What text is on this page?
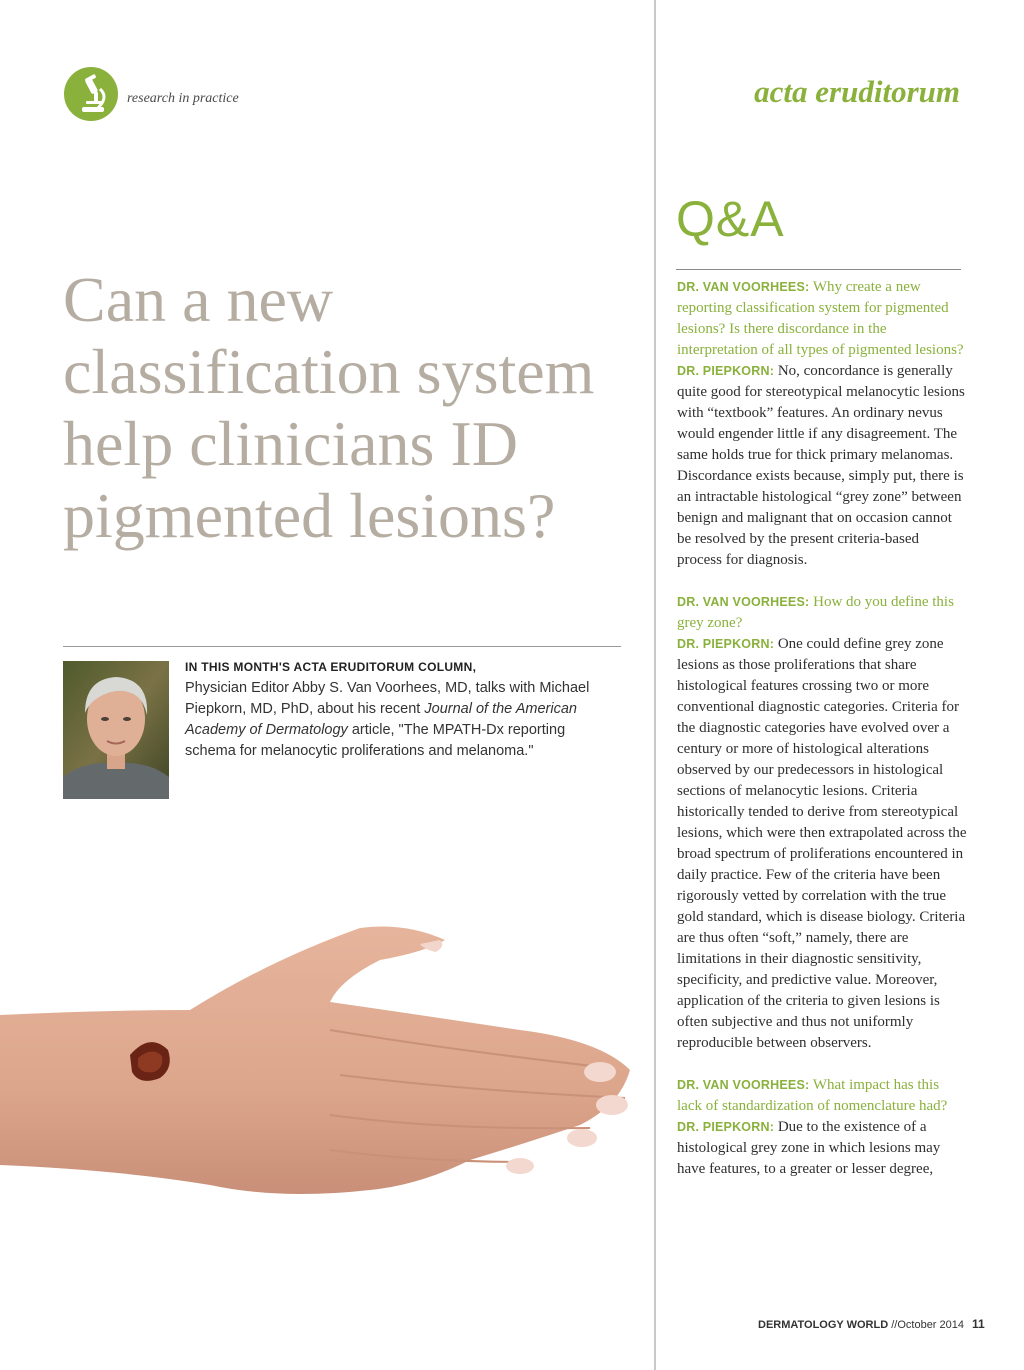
research in practice	acta eruditorum
Can a new classification system help clinicians ID pigmented lesions?
IN THIS MONTH'S ACTA ERUDITORUM COLUMN,
Physician Editor Abby S. Van Voorhees, MD, talks with Michael Piepkorn, MD, PhD, about his recent Journal of the American Academy of Dermatology article, "The MPATH-Dx reporting schema for melanocytic proliferations and melanoma."
Q&A
DR. VAN VOORHEES: Why create a new reporting classification system for pigmented lesions? Is there discordance in the interpretation of all types of pigmented lesions?
DR. PIEPKORN: No, concordance is generally quite good for stereotypical melanocytic lesions with “textbook” features. An ordinary nevus would engender little if any disagreement. The same holds true for thick primary melanomas. Discordance exists because, simply put, there is an intractable histological “grey zone” between benign and malignant that on occasion cannot be resolved by the present criteria-based process for diagnosis.
DR. VAN VOORHEES: How do you define this grey zone?
DR. PIEPKORN: One could define grey zone lesions as those proliferations that share histological features crossing two or more conventional diagnostic categories. Criteria for the diagnostic categories have evolved over a century or more of histological alterations observed by our predecessors in histological sections of melanocytic lesions. Criteria historically tended to derive from stereotypical lesions, which were then extrapolated across the broad spectrum of proliferations encountered in daily practice. Few of the criteria have been rigorously vetted by correlation with the true gold standard, which is disease biology. Criteria are thus often “soft,” namely, there are limitations in their diagnostic sensitivity, specificity, and predictive value. Moreover, application of the criteria to given lesions is often subjective and thus not uniformly reproducible between observers.
DR. VAN VOORHEES: What impact has this lack of standardization of nomenclature had?
DR. PIEPKORN: Due to the existence of a histological grey zone in which lesions may have features, to a greater or lesser degree,
DERMATOLOGY WORLD //October 2014 11
